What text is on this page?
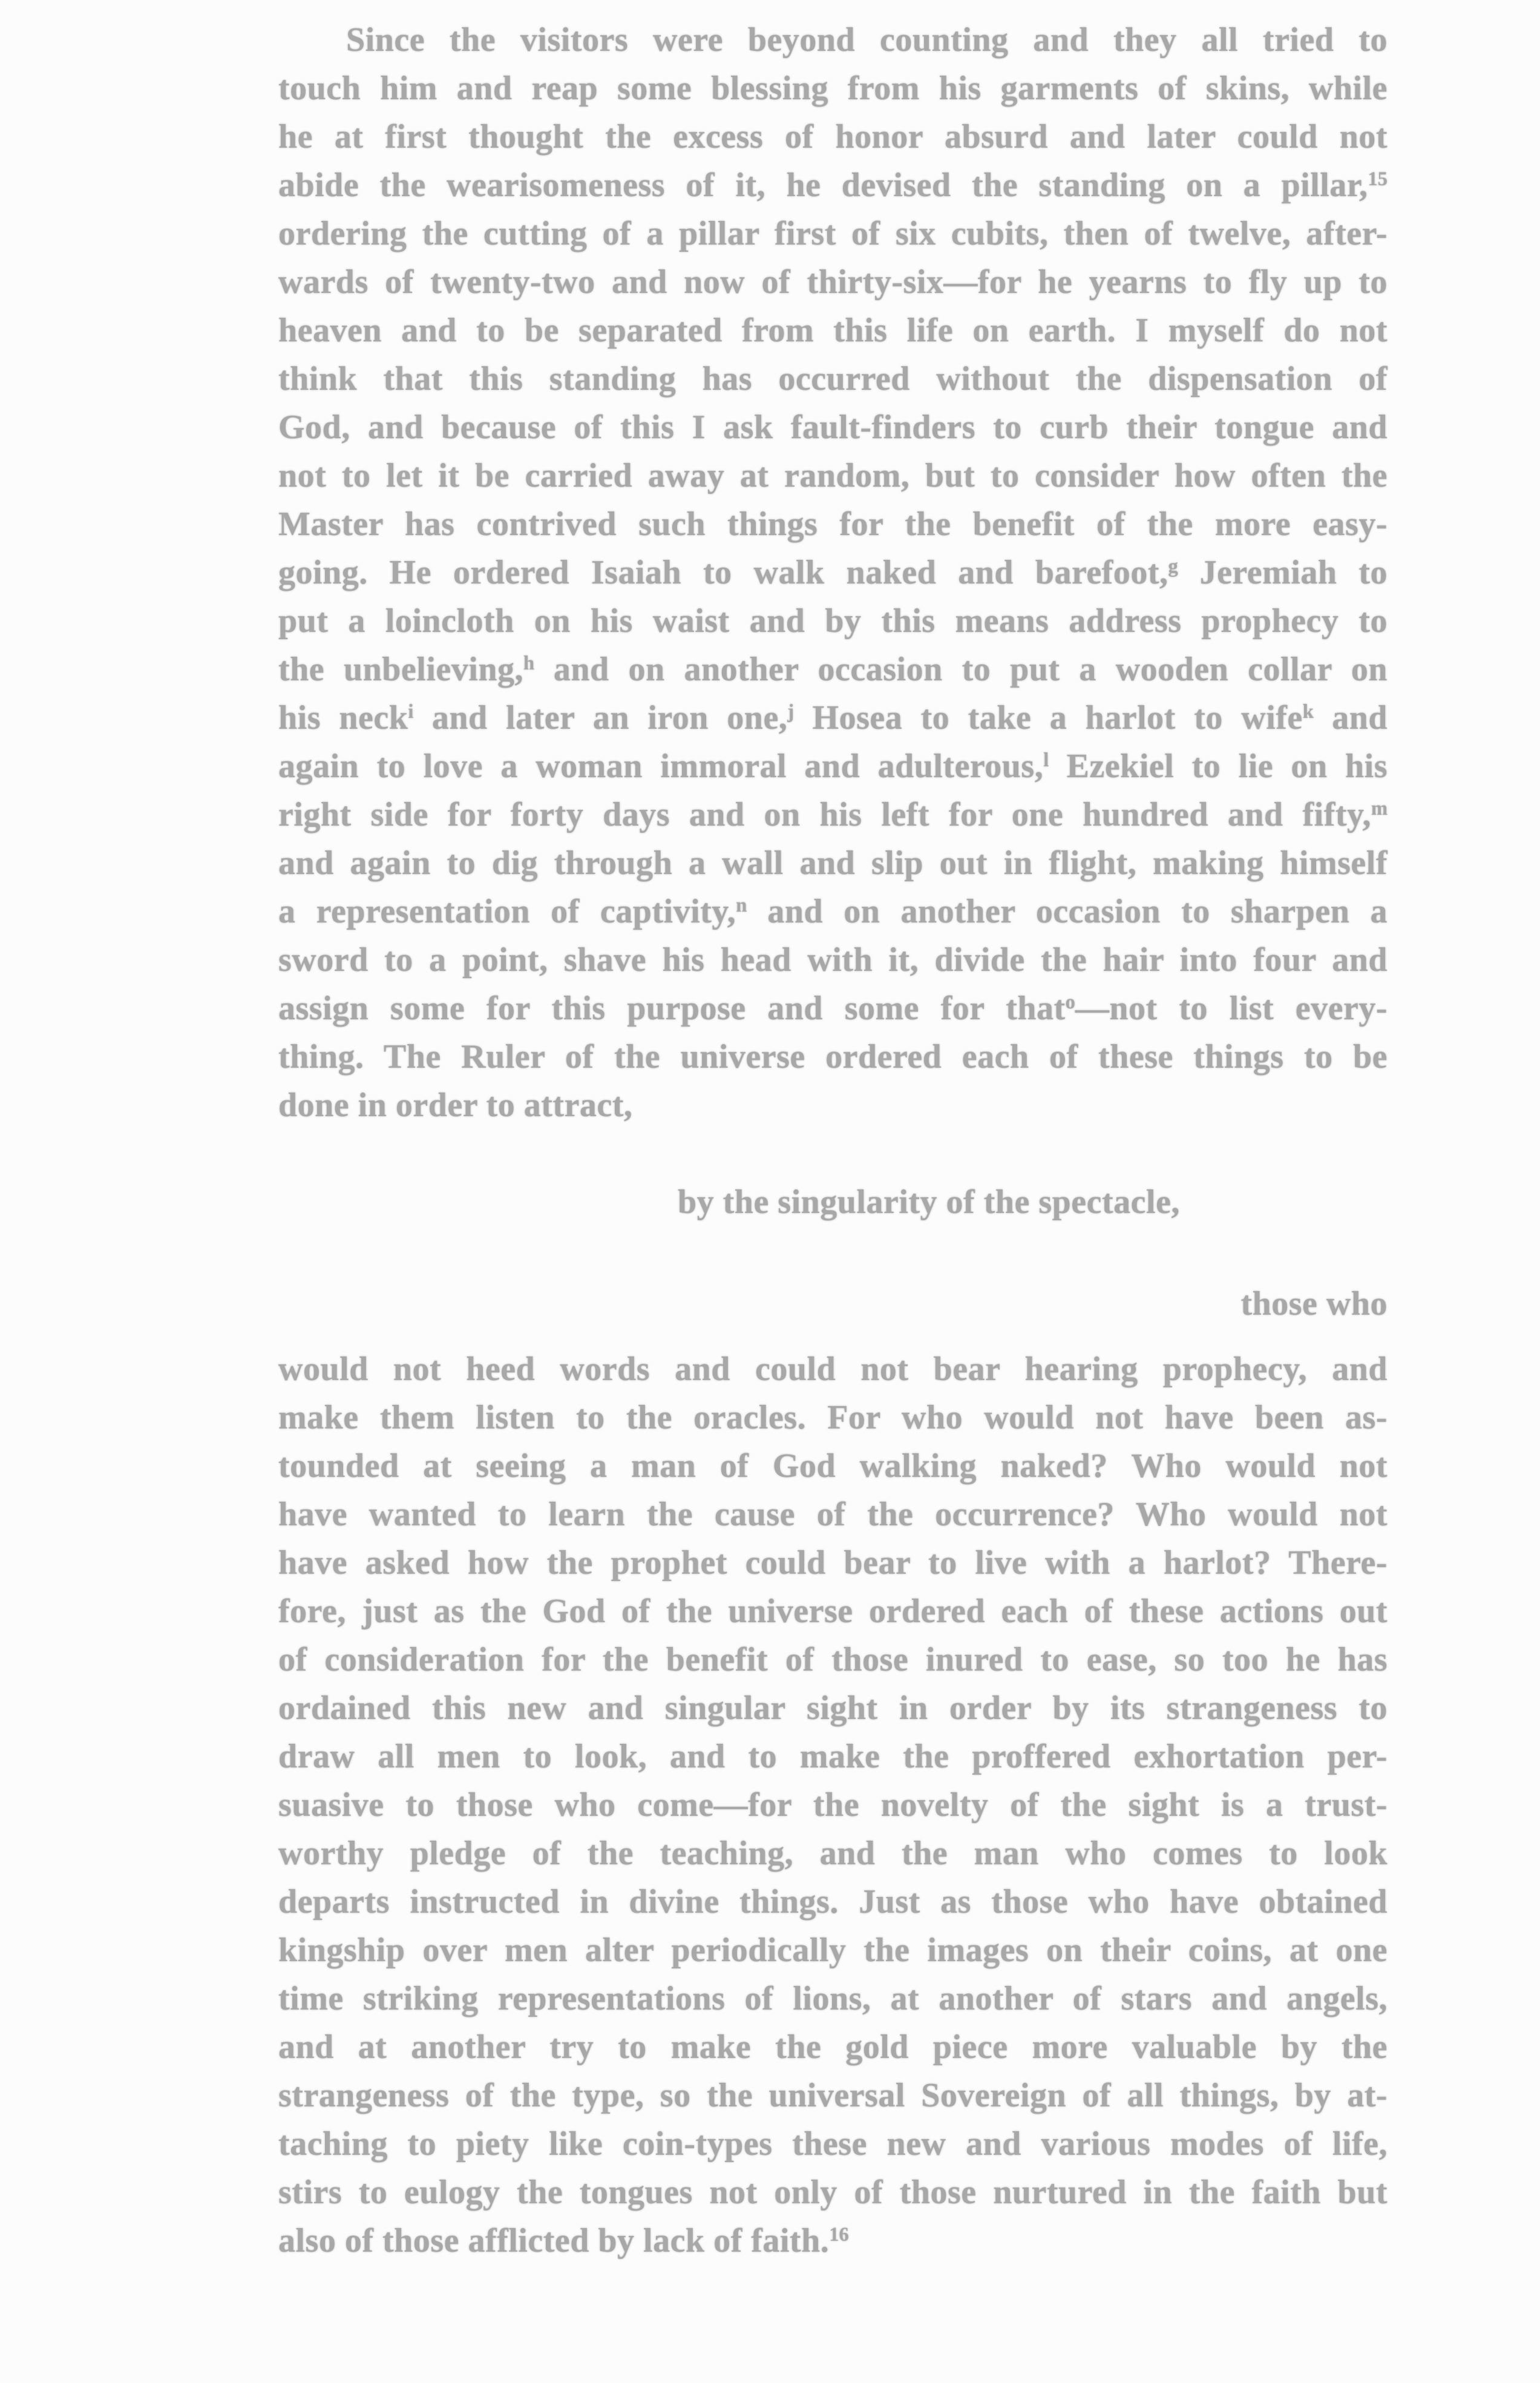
Since the visitors were beyond counting and they all tried to
touch him and reap some blessing from his garments of skins, while
he at first thought the excess of honor absurd and later could not
abide the wearisomeness of it, he devised the standing on a pillar,$^{15}$
ordering the cutting of a pillar first of six cubits, then of twelve, after-
wards of twenty-two and now of thirty-six—for he yearns to fly up to
heaven and to be separated from this life on earth. I myself do not
think that this standing has occurred without the dispensation of
God, and because of this I ask fault-finders to curb their tongue and
not to let it be carried away at random, but to consider how often the
Master has contrived such things for the benefit of the more easy-
going. He ordered Isaiah to walk naked and barefoot,$^g$ Jeremiah to
put a loincloth on his waist and by this means address prophecy to
the unbelieving,$^h$ and on another occasion to put a wooden collar on
his neck$^i$ and later an iron one,$^j$ Hosea to take a harlot to wife$^k$ and
again to love a woman immoral and adulterous,$^l$ Ezekiel to lie on his
right side for forty days and on his left for one hundred and fifty,$^m$
and again to dig through a wall and slip out in flight, making himself
a representation of captivity,$^n$ and on another occasion to sharpen a
sword to a point, shave his head with it, divide the hair into four and
assign some for this purpose and some for that$^o$—not to list every-
thing. The Ruler of the universe ordered each of these things to be
done in order to attract,
by the singularity of the spectacle,
those who
would not heed words and could not bear hearing prophecy, and
make them listen to the oracles. For who would not have been as-
tounded at seeing a man of God walking naked? Who would not
have wanted to learn the cause of the occurrence? Who would not
have asked how the prophet could bear to live with a harlot? There-
fore, just as the God of the universe ordered each of these actions out
of consideration for the benefit of those inured to ease, so too he has
ordained this new and singular sight in order by its strangeness to
draw all men to look, and to make the proffered exhortation per-
suasive to those who come—for the novelty of the sight is a trust-
worthy pledge of the teaching, and the man who comes to look
departs instructed in divine things. Just as those who have obtained
kingship over men alter periodically the images on their coins, at one
time striking representations of lions, at another of stars and angels,
and at another try to make the gold piece more valuable by the
strangeness of the type, so the universal Sovereign of all things, by at-
taching to piety like coin-types these new and various modes of life,
stirs to eulogy the tongues not only of those nurtured in the faith but
also of those afflicted by lack of faith.$^{16}$
